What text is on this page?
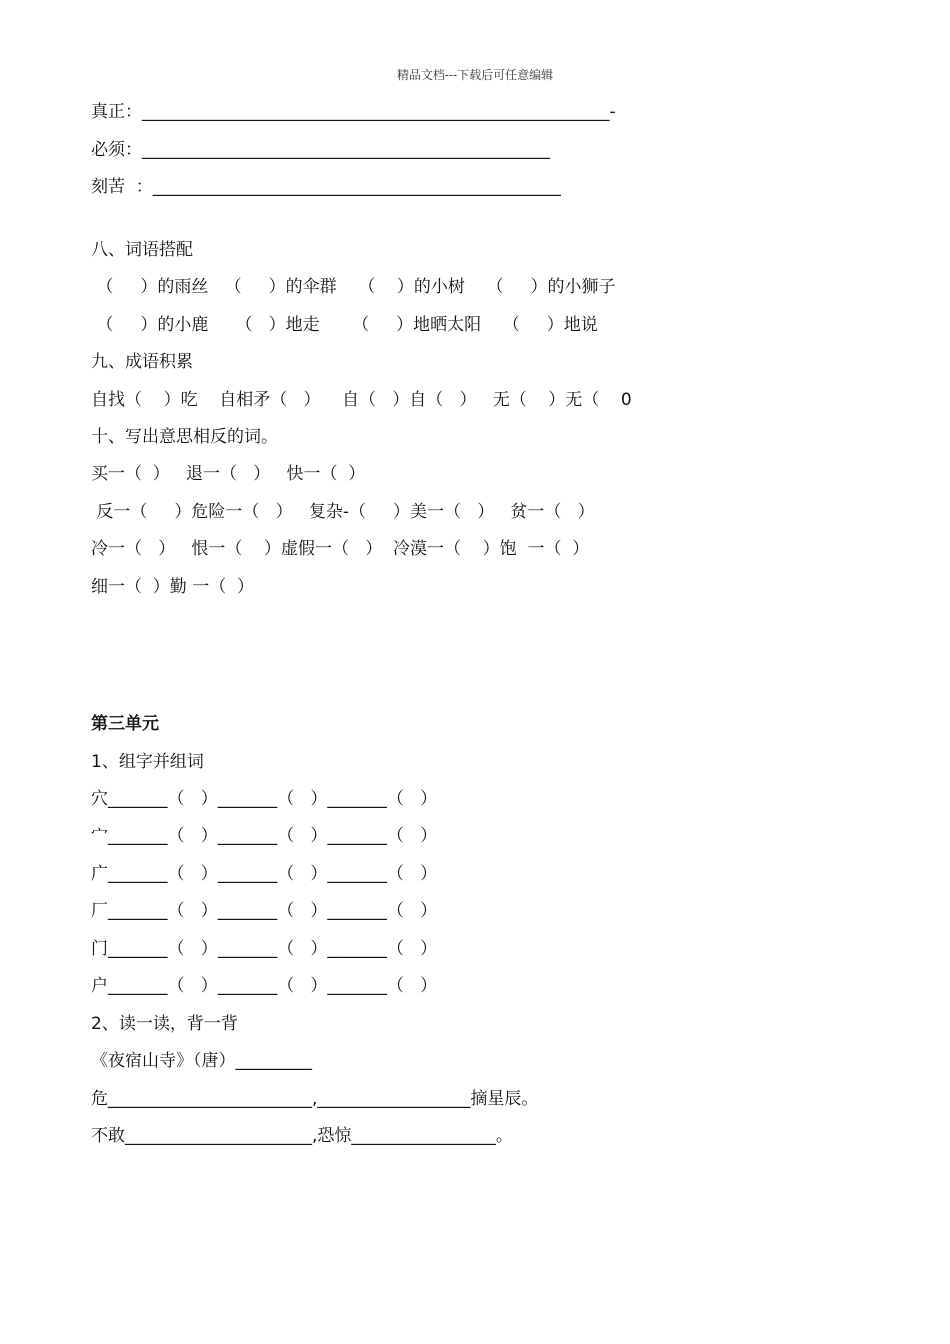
精品文档---下载后可任意编辑
真正：_______________________________________________________-
必须：________________________________________________
刻苦  ：________________________________________________
八、词语搭配
（     ）的雨丝   （     ）的伞群    （    ）的小树    （     ）的小狮子
（     ）的小鹿     （   ）地走      （     ）地晒太阳    （     ）地说
九、成语积累
自找（    ）吃    自相矛（   ）    自（   ）自（   ）   无（    ）无（    0
十、写出意思相反的词。
买一（  ）   退一（   ）   快一（  ）
反一（     ）危险一（   ）   复杂-（     ）美一（   ）   贫一（   ）
冷一（   ）   恨一（    ）虚假一（   ）  冷漠一（    ）饱  一（  ）
细一（  ）勤 一（  ）
第三单元
1、组字并组词
穴_______（   ）_______（   ）_______（   ）
宀_______（   ）_______（   ）_______（   ）
广_______（   ）_______（   ）_______（   ）
厂_______（   ）_______（   ）_______（   ）
门_______（   ）_______（   ）_______（   ）
户_______（   ）_______（   ）_______（   ）
2、读一读，背一背
《夜宿山寺》（唐）_________
危________________________,__________________摘星辰。
不敢______________________,恐惊_________________。
